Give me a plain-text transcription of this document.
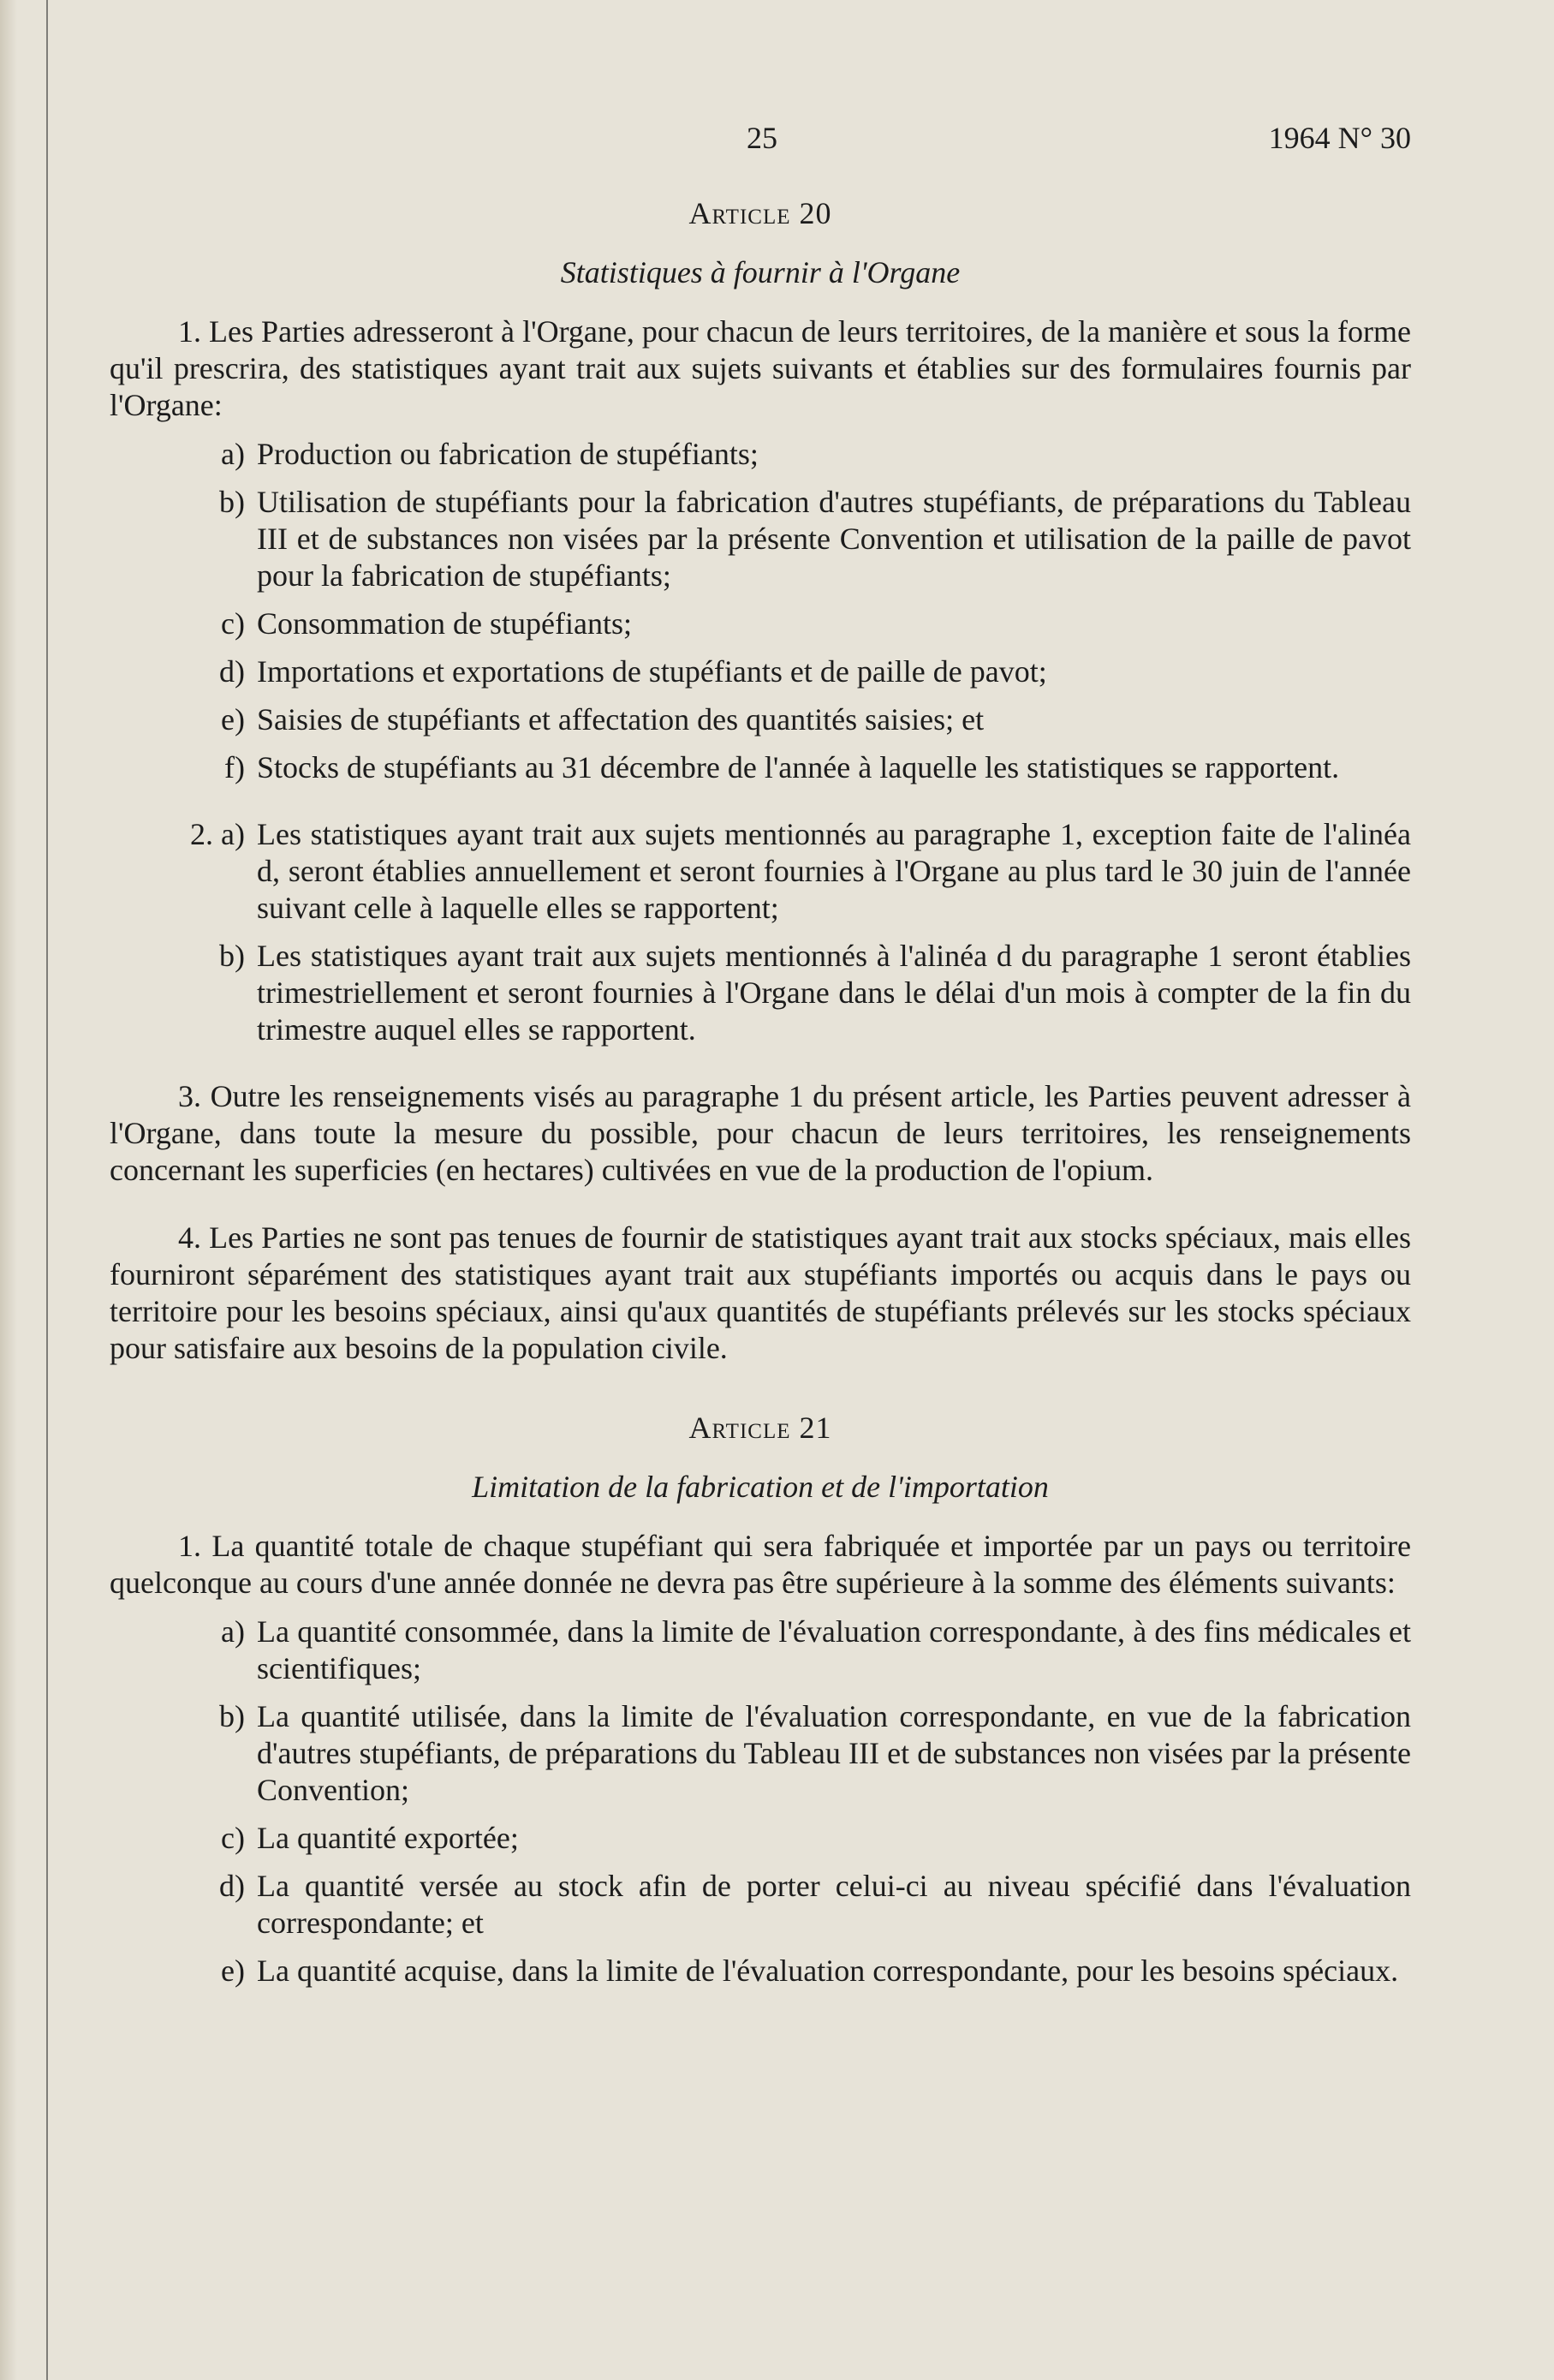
25	1964 N° 30
Article 20
Statistiques à fournir à l'Organe
1. Les Parties adresseront à l'Organe, pour chacun de leurs territoires, de la manière et sous la forme qu'il prescrira, des statistiques ayant trait aux sujets suivants et établies sur des formulaires fournis par l'Organe:
a) Production ou fabrication de stupéfiants;
b) Utilisation de stupéfiants pour la fabrication d'autres stupéfiants, de préparations du Tableau III et de substances non visées par la présente Convention et utilisation de la paille de pavot pour la fabrication de stupéfiants;
c) Consommation de stupéfiants;
d) Importations et exportations de stupéfiants et de paille de pavot;
e) Saisies de stupéfiants et affectation des quantités saisies; et
f) Stocks de stupéfiants au 31 décembre de l'année à laquelle les statistiques se rapportent.
2. a) Les statistiques ayant trait aux sujets mentionnés au paragraphe 1, exception faite de l'alinéa d, seront établies annuellement et seront fournies à l'Organe au plus tard le 30 juin de l'année suivant celle à laquelle elles se rapportent;
b) Les statistiques ayant trait aux sujets mentionnés à l'alinéa d du paragraphe 1 seront établies trimestriellement et seront fournies à l'Organe dans le délai d'un mois à compter de la fin du trimestre auquel elles se rapportent.
3. Outre les renseignements visés au paragraphe 1 du présent article, les Parties peuvent adresser à l'Organe, dans toute la mesure du possible, pour chacun de leurs territoires, les renseignements concernant les superficies (en hectares) cultivées en vue de la production de l'opium.
4. Les Parties ne sont pas tenues de fournir de statistiques ayant trait aux stocks spéciaux, mais elles fourniront séparément des statistiques ayant trait aux stupéfiants importés ou acquis dans le pays ou territoire pour les besoins spéciaux, ainsi qu'aux quantités de stupéfiants prélevés sur les stocks spéciaux pour satisfaire aux besoins de la population civile.
Article 21
Limitation de la fabrication et de l'importation
1. La quantité totale de chaque stupéfiant qui sera fabriquée et importée par un pays ou territoire quelconque au cours d'une année donnée ne devra pas être supérieure à la somme des éléments suivants:
a) La quantité consommée, dans la limite de l'évaluation correspondante, à des fins médicales et scientifiques;
b) La quantité utilisée, dans la limite de l'évaluation correspondante, en vue de la fabrication d'autres stupéfiants, de préparations du Tableau III et de substances non visées par la présente Convention;
c) La quantité exportée;
d) La quantité versée au stock afin de porter celui-ci au niveau spécifié dans l'évaluation correspondante; et
e) La quantité acquise, dans la limite de l'évaluation correspondante, pour les besoins spéciaux.
